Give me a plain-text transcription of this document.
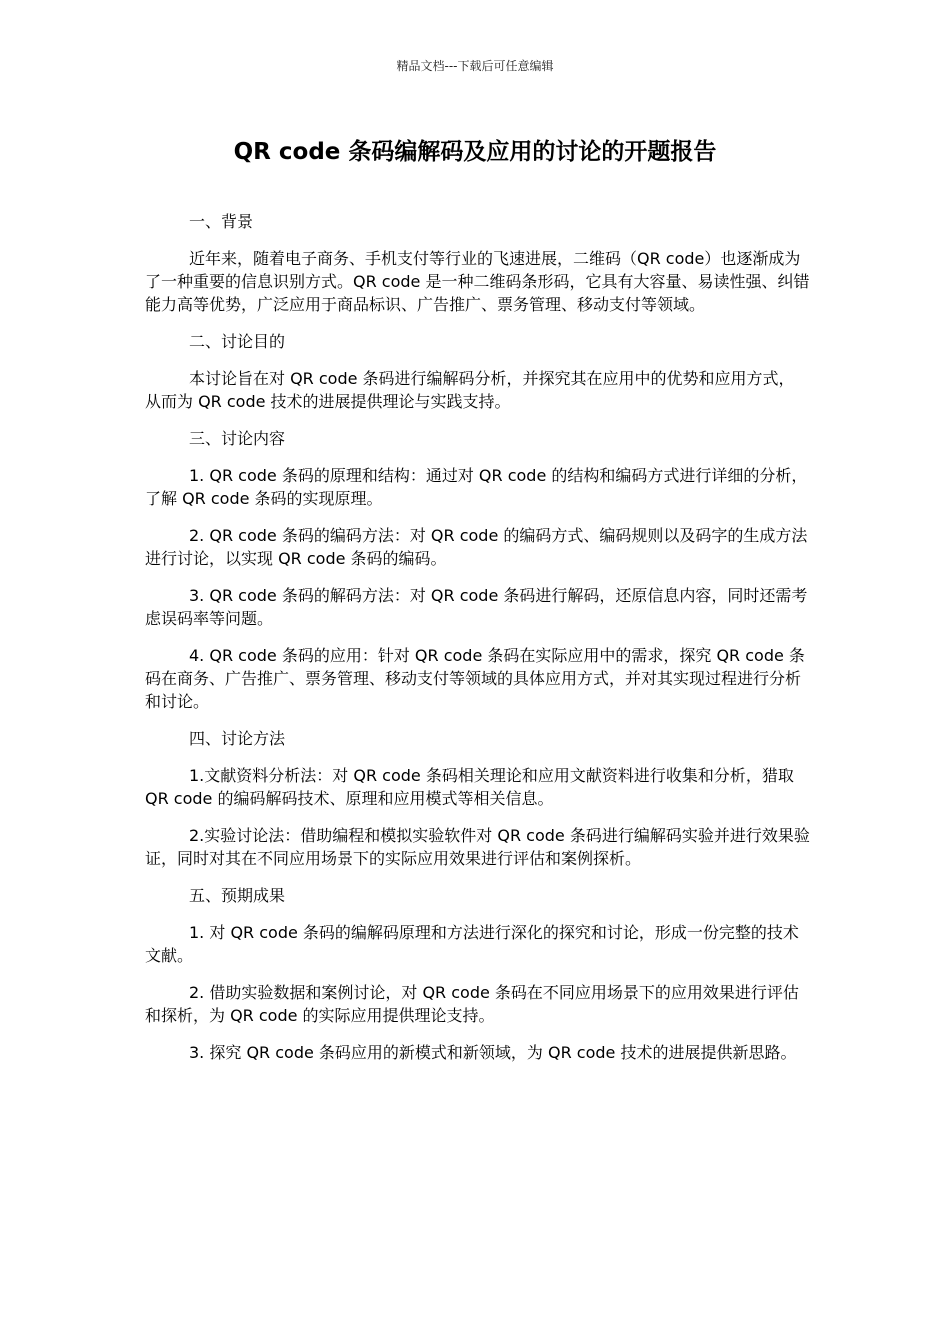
精品文档---下载后可任意编辑
QR code 条码编解码及应用的讨论的开题报告

一、背景

近年来，随着电子商务、手机支付等行业的飞速进展，二维码（QR code）也逐渐成为了一种重要的信息识别方式。QR code 是一种二维码条形码，它具有大容量、易读性强、纠错能力高等优势，广泛应用于商品标识、广告推广、票务管理、移动支付等领域。

二、讨论目的

本讨论旨在对 QR code 条码进行编解码分析，并探究其在应用中的优势和应用方式，从而为 QR code 技术的进展提供理论与实践支持。

三、讨论内容

1. QR code 条码的原理和结构：通过对 QR code 的结构和编码方式进行详细的分析，了解 QR code 条码的实现原理。

2. QR code 条码的编码方法：对 QR code 的编码方式、编码规则以及码字的生成方法进行讨论，以实现 QR code 条码的编码。

3. QR code 条码的解码方法：对 QR code 条码进行解码，还原信息内容，同时还需考虑误码率等问题。

4. QR code 条码的应用：针对 QR code 条码在实际应用中的需求，探究 QR code 条码在商务、广告推广、票务管理、移动支付等领域的具体应用方式，并对其实现过程进行分析和讨论。

四、讨论方法

1.文献资料分析法：对 QR code 条码相关理论和应用文献资料进行收集和分析，猎取 QR code 的编码解码技术、原理和应用模式等相关信息。

2.实验讨论法：借助编程和模拟实验软件对 QR code 条码进行编解码实验并进行效果验证，同时对其在不同应用场景下的实际应用效果进行评估和案例探析。

五、预期成果

1. 对 QR code 条码的编解码原理和方法进行深化的探究和讨论，形成一份完整的技术文献。

2. 借助实验数据和案例讨论，对 QR code 条码在不同应用场景下的应用效果进行评估和探析，为 QR code 的实际应用提供理论支持。

3. 探究 QR code 条码应用的新模式和新领域，为 QR code 技术的进展提供新思路。
